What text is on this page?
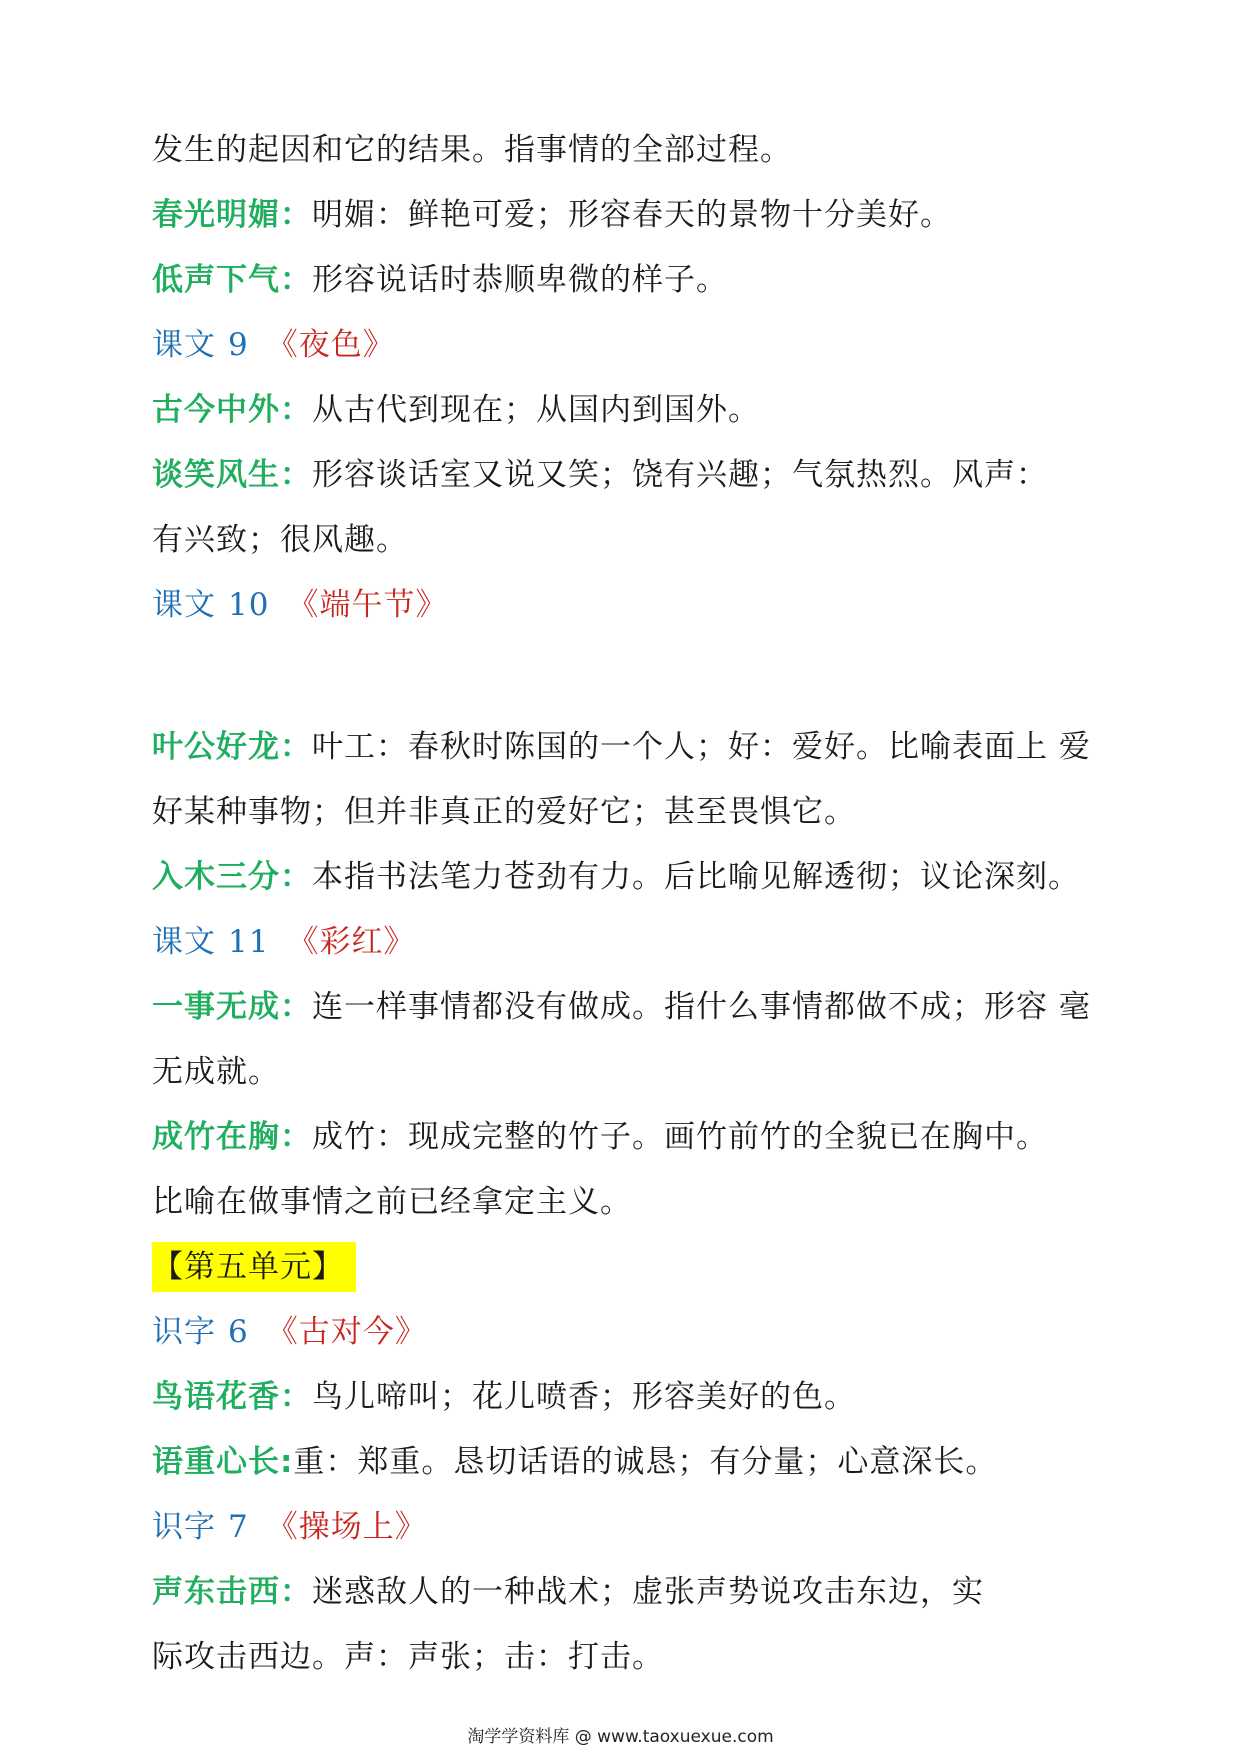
发生的起因和它的结果。指事情的全部过程。
春光明媚：明媚：鲜艳可爱；形容春天的景物十分美好。
低声下气：形容说话时恭顺卑微的样子。
课文 9 《夜色》
古今中外：从古代到现在；从国内到国外。
谈笑风生：形容谈话室又说又笑；饶有兴趣；气氛热烈。风声：
有兴致；很风趣。
课文 10 《端午节》
叶公好龙：叶工：春秋时陈国的一个人；好：爱好。比喻表面上 爱
好某种事物；但并非真正的爱好它；甚至畏惧它。
入木三分：本指书法笔力苍劲有力。后比喻见解透彻；议论深刻。
课文 11 《彩红》
一事无成：连一样事情都没有做成。指什么事情都做不成；形容 毫
无成就。
成竹在胸：成竹：现成完整的竹子。画竹前竹的全貌已在胸中。
比喻在做事情之前已经拿定主义。
【第五单元】
识字 6 《古对今》
鸟语花香：鸟儿啼叫；花儿喷香；形容美好的色。
语重心长:重：郑重。恳切话语的诚恳；有分量；心意深长。
识字 7 《操场上》
声东击西：迷惑敌人的一种战术；虚张声势说攻击东边，实
际攻击西边。声：声张；击：打击。
淘学学资料库 @ www.taoxuexue.com
